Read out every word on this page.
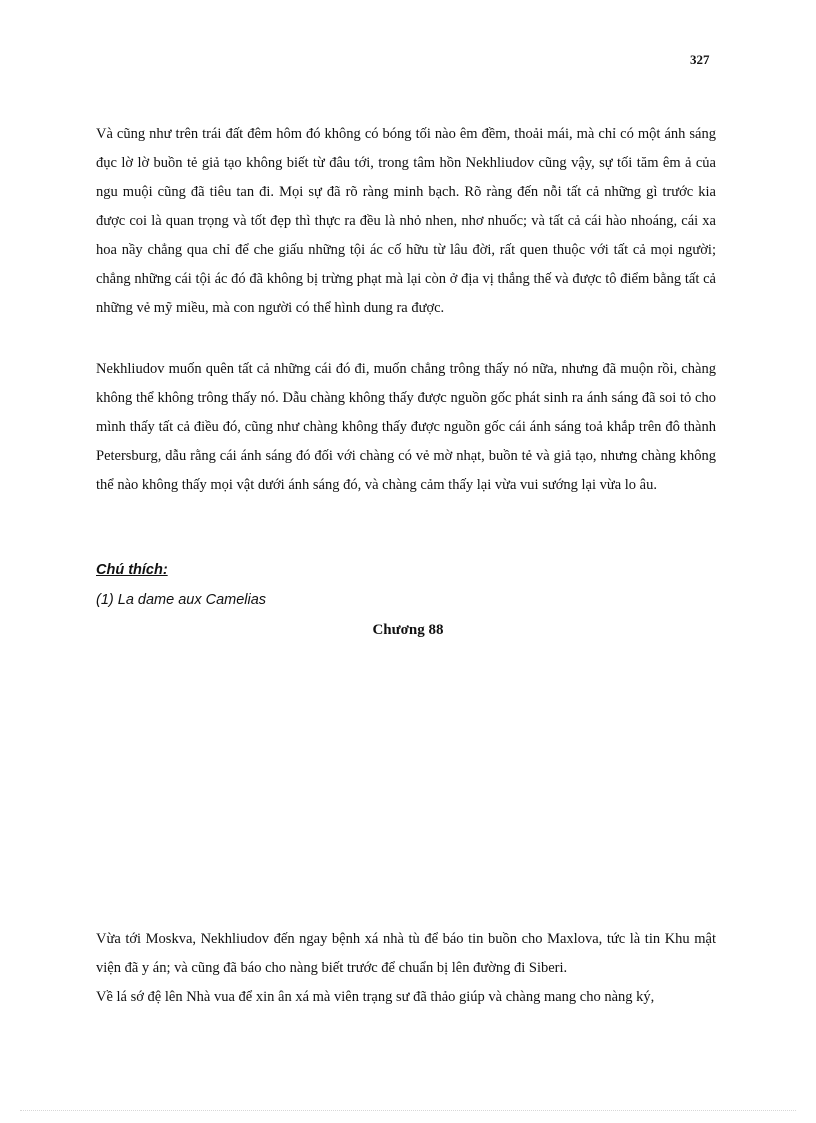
327

Và cũng như trên trái đất đêm hôm đó không có bóng tối nào êm đềm, thoải mái, mà chỉ có một ánh sáng đục lờ lờ buồn tẻ giả tạo không biết từ đâu tới, trong tâm hồn Nekhliudov cũng vậy, sự tối tăm êm ả của ngu muội cũng đã tiêu tan đi. Mọi sự đã rõ ràng minh bạch. Rõ ràng đến nỗi tất cả những gì trước kia được coi là quan trọng và tốt đẹp thì thực ra đều là nhỏ nhen, nhơ nhuốc; và tất cả cái hào nhoáng, cái xa hoa nầy chẳng qua chỉ để che giấu những tội ác cố hữu từ lâu đời, rất quen thuộc với tất cả mọi người; chẳng những cái tội ác đó đã không bị trừng phạt mà lại còn ở địa vị thắng thế và được tô điểm bằng tất cả những vẻ mỹ miều, mà con người có thể hình dung ra được.

Nekhliudov muốn quên tất cả những cái đó đi, muốn chẳng trông thấy nó nữa, nhưng đã muộn rồi, chàng không thể không trông thấy nó. Dẫu chàng không thấy được nguồn gốc phát sinh ra ánh sáng đã soi tỏ cho mình thấy tất cả điều đó, cũng như chàng không thấy được nguồn gốc cái ánh sáng toả khắp trên đô thành Petersburg, dẫu rằng cái ánh sáng đó đối với chàng có vẻ mờ nhạt, buồn tẻ và giả tạo, nhưng chàng không thể nào không thấy mọi vật dưới ánh sáng đó, và chàng cảm thấy lại vừa vui sướng lại vừa lo âu.

Chú thích:
(1) La dame aux Camelias
Chương 88

Vừa tới Moskva, Nekhliudov đến ngay bệnh xá nhà tù để báo tin buồn cho Maxlova, tức là tin Khu mật viện đã y án; và cũng đã báo cho nàng biết trước để chuẩn bị lên đường đi Siberi.

Về lá sớ đệ lên Nhà vua để xin ân xá mà viên trạng sư đã thảo giúp và chàng mang cho nàng ký,
